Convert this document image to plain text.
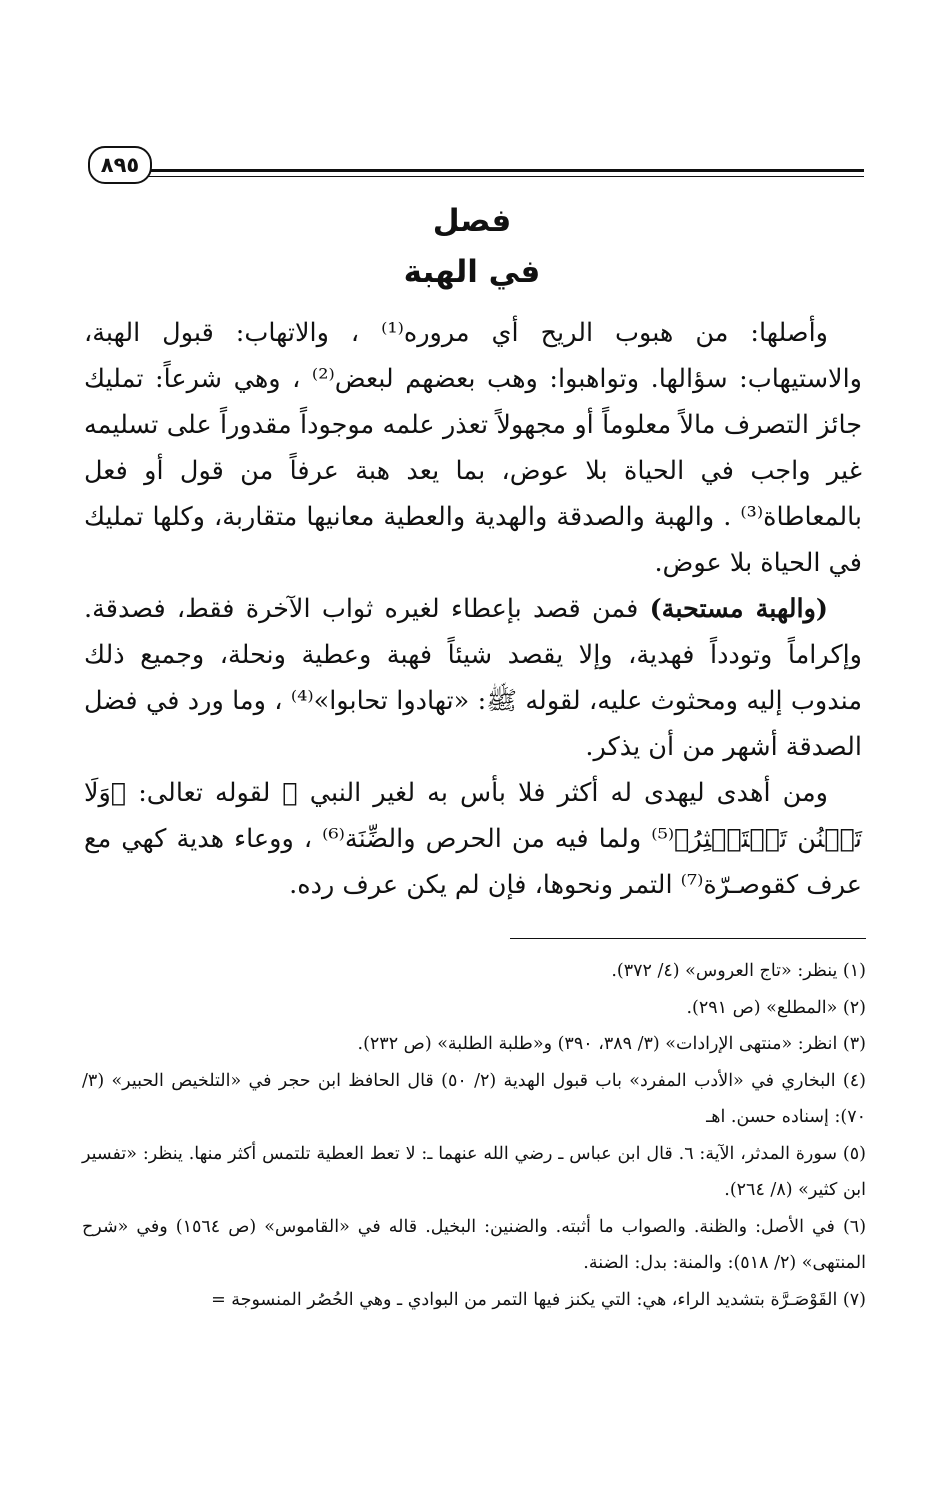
٨٩٥
فصل
في الهبة

وأصلها: من هبوب الريح أي مروره⁽¹⁾ ، والاتهاب: قبول الهبة، والاستيهاب: سؤالها. وتواهبوا: وهب بعضهم لبعض⁽²⁾ ، وهي شرعاً: تمليك جائز التصرف مالاً معلوماً أو مجهولاً تعذر علمه موجوداً مقدوراً على تسليمه غير واجب في الحياة بلا عوض، بما يعد هبة عرفاً من قول أو فعل بالمعاطاة⁽³⁾ . والهبة والصدقة والهدية والعطية معانيها متقاربة، وكلها تمليك في الحياة بلا عوض.

(والهبة مستحبة) فمن قصد بإعطاء لغيره ثواب الآخرة فقط، فصدقة. وإكراماً وتودداً فهدية، وإلا يقصد شيئاً فهبة وعطية ونحلة، وجميع ذلك مندوب إليه ومحثوث عليه، لقوله ﷺ: «تهادوا تحابوا»⁽⁴⁾ ، وما ورد في فضل الصدقة أشهر من أن يذكر.

ومن أهدى ليهدى له أكثر فلا بأس به لغير النبي ﷺ لقوله تعالى: ﴿وَلَا تَمۡنُن تَسۡتَكۡثِرُ﴾⁽⁵⁾ ولما فيه من الحرص والضِّنَة⁽⁶⁾ ، ووعاء هدية كهي مع عرف كقوصـرّة⁽⁷⁾ التمر ونحوها، فإن لم يكن عرف رده.

(١) ينظر: «تاج العروس» (٤/ ٣٧٢).

(٢) «المطلع» (ص ٢٩١).

(٣) انظر: «منتهى الإرادات» (٣/ ٣٨٩، ٣٩٠) و«طلبة الطلبة» (ص ٢٣٢).

(٤) البخاري في «الأدب المفرد» باب قبول الهدية (٢/ ٥٠) قال الحافظ ابن حجر في «التلخيص الحبير» (٣/ ٧٠): إسناده حسن. اهـ

(٥) سورة المدثر، الآية: ٦. قال ابن عباس ـ رضي الله عنهما ـ: لا تعط العطية تلتمس أكثر منها. ينظر: «تفسير ابن كثير» (٨/ ٢٦٤).

(٦) في الأصل: والظنة. والصواب ما أثبته. والضنين: البخيل. قاله في «القاموس» (ص ١٥٦٤) وفي «شرح المنتهى» (٢/ ٥١٨): والمنة: بدل: الضنة.

(٧) القَوْصَـرَّة بتشديد الراء، هي: التي يكنز فيها التمر من البوادي ـ وهي الحُصُر المنسوجة =
